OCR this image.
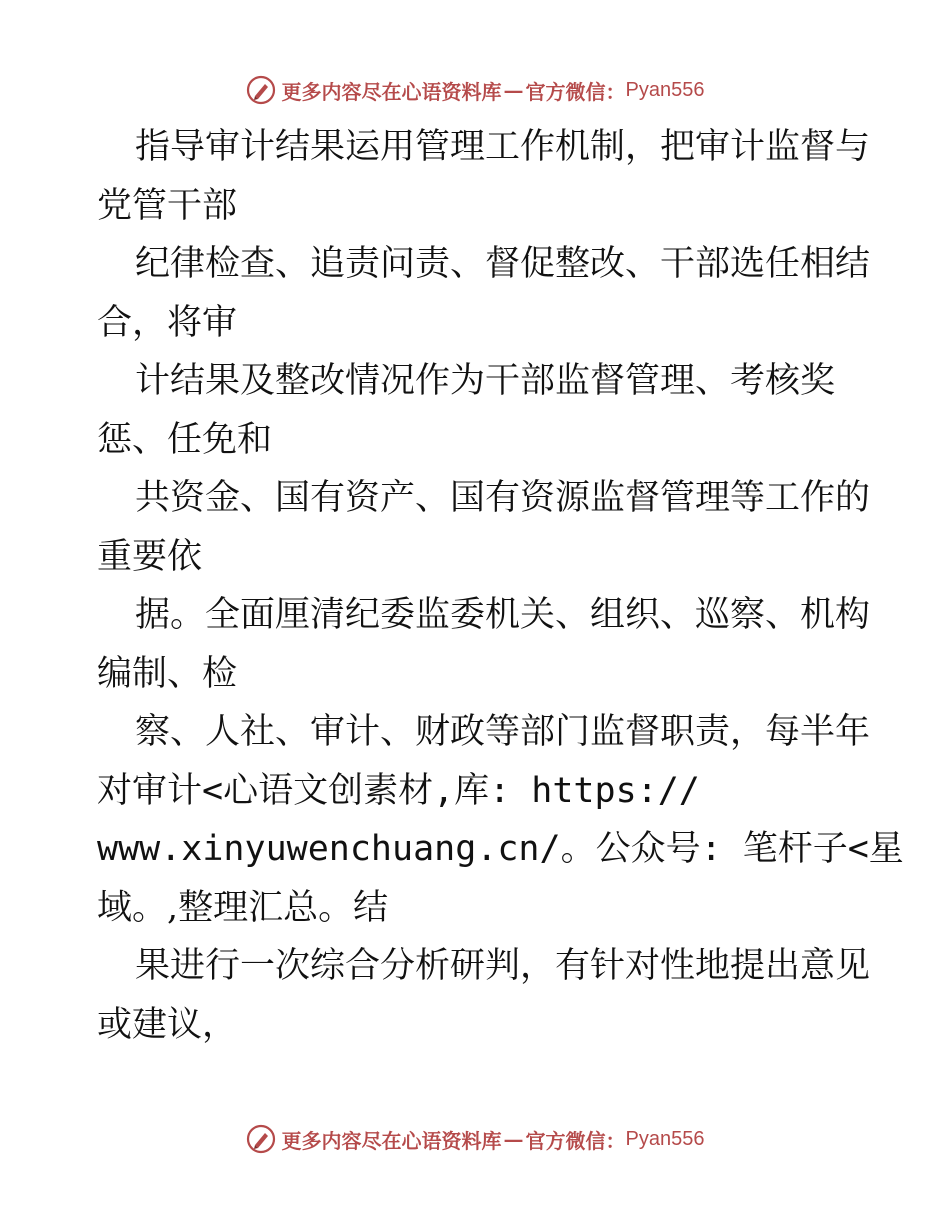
更多内容尽在心语资料库 — 官方微信： Pyan556
指导审计结果运用管理工作机制，把审计监督与
党管干部
纪律检查、追责问责、督促整改、干部选任相结
合，将审
计结果及整改情况作为干部监督管理、考核奖
惩、任免和
共资金、国有资产、国有资源监督管理等工作的
重要依
据。全面厘清纪委监委机关、组织、巡察、机构
编制、检
察、人社、审计、财政等部门监督职责，每半年
对审计<心语文创素材,库: https://
www.xinyuwenchuang.cn/。公众号: 笔杆子<星
域。,整理汇总。结
果进行一次综合分析研判，有针对性地提出意见
或建议，
更多内容尽在心语资料库 — 官方微信： Pyan556
